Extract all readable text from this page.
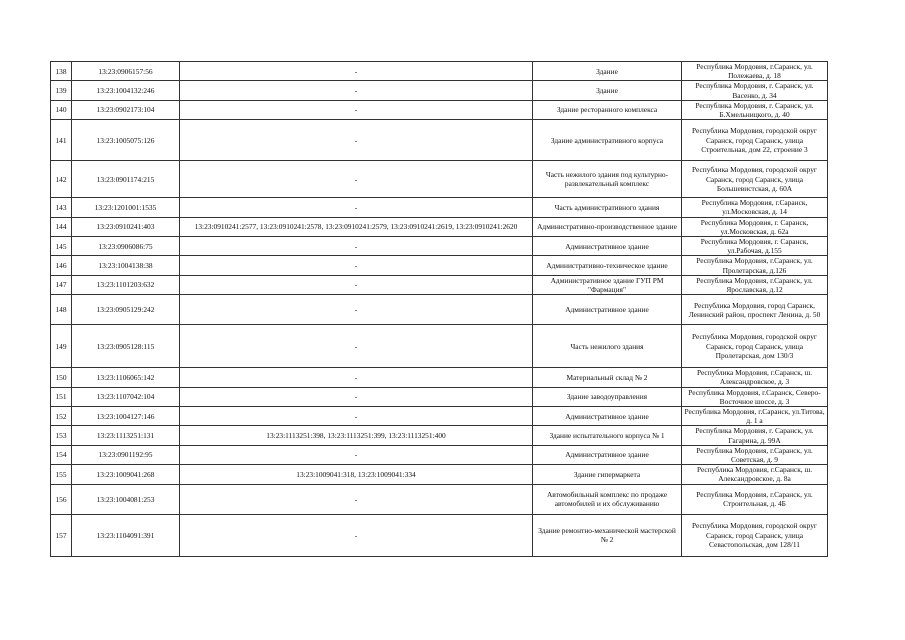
138	13:23:0906157:56	-	Здание	Республика Мордовия, г.Саранск, ул. Полежаева, д. 18
139	13:23:1004132:246	-	Здание	Республика Мордовия, г. Саранск, ул. Васенко, д. 34
140	13:23:0902173:104	-	Здание ресторанного комплекса	Республика Мордовия, г. Саранск, ул. Б.Хмельницкого, д. 40
141	13:23:1005075:126	-	Здание административного корпуса	Республика Мордовия, городской округ Саранск, город Саранск, улица Строительная, дом 22, строение 3
142	13:23:0901174:215	-	Часть нежилого здания под культурно-развлекательный комплекс	Республика Мордовия, городской округ Саранск, город Саранск, улица Большевистская, д. 60А
143	13:23:1201001:1535	-	Часть административного здания	Республика Мордовия, г.Саранск, ул.Московская, д. 14
144	13:23:0910241:403	13:23:0910241:2577, 13:23:0910241:2578, 13:23:0910241:2579, 13:23:0910241:2619, 13:23:0910241:2620	Административно-производственное здание	Республика Мордовия, г. Саранск, ул.Московская, д. 62а
145	13:23:0906086:75	-	Административное здание	Республика Мордовия, г. Саранск, ул.Рабочая, д.155
146	13:23:1004138:38	-	Административно-техническое здание	Республика Мордовия, г.Саранск, ул. Пролетарская, д.126
147	13:23:1101203:632	-	Административное здание ГУП РМ "Фармация"	Республика Мордовия, г.Саранск, ул. Ярославская, д.12
148	13:23:0905129:242	-	Административное здание	Республика Мордовия, город Саранск, Ленинский район, проспект Ленина, д. 50
149	13:23:0905128:115	-	Часть нежилого здания	Республика Мордовия, городской округ Саранск, город Саранск, улица Пролетарская, дом 130/3
150	13:23:1106065:142	-	Материальный склад № 2	Республика Мордовия, г.Саранск, ш. Александровское, д. 3
151	13:23:1107042:104	-	Здание заводоуправления	Республика Мордовия, г.Саранск, Северо-Восточное шоссе, д. 3
152	13:23:1004127:146	-	Административное здание	Республика Мордовия, г.Саранск, ул.Титова, д. 1 а
153	13:23:1113251:131	13:23:1113251:398, 13:23:1113251:399, 13:23:1113251:400	Здание испытательного корпуса № 1	Республика Мордовия, г. Саранск, ул. Гагарина, д. 99А
154	13:23:0901192:95	-	Административное здание	Республика Мордовия, г.Саранск, ул. Советская, д. 9
155	13:23:1009041:268	13:23:1009041:318, 13:23:1009041:334	Здание гипермаркета	Республика Мордовия, г.Саранск, ш. Александровское, д. 8а
156	13:23:1004081:253	-	Автомобильный комплекс по продаже автомобилей и их обслуживанию	Республика Мордовия, г.Саранск, ул. Строительная, д. 4Б
157	13:23:1104091:391	-	Здание ремонтно-механической мастерской № 2	Республика Мордовия, городской округ Саранск, город Саранск, улица Севастопольская, дом 128/11
